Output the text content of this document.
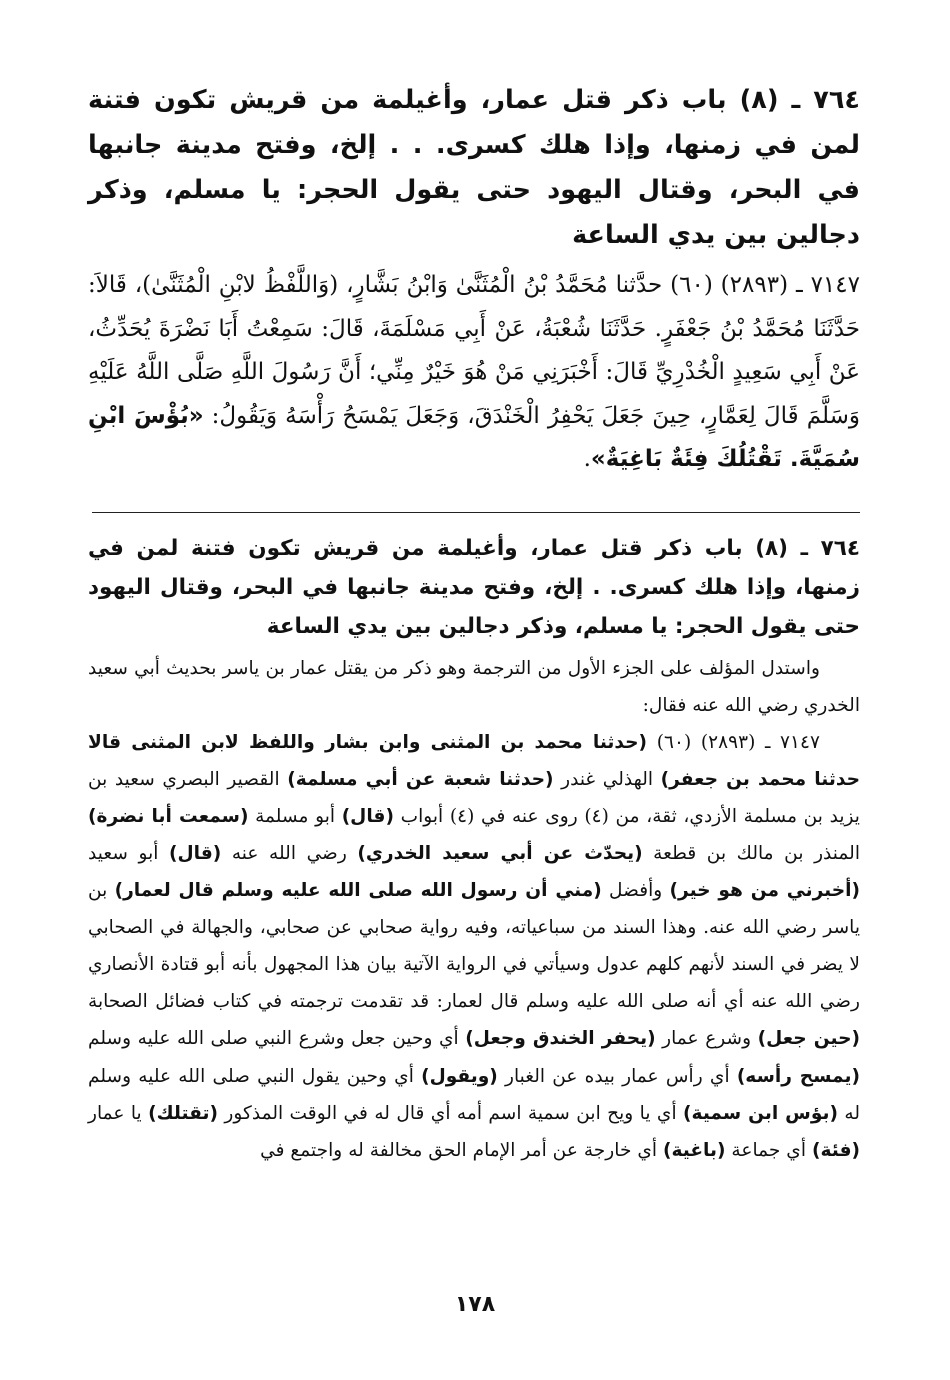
٧٦٤ ـ (٨) باب ذكر قتل عمار، وأغيلمة من قريش تكون فتنة لمن في زمنها، وإذا هلك كسرى. . . إلخ، وفتح مدينة جانبها في البحر، وقتال اليهود حتى يقول الحجر: يا مسلم، وذكر دجالين بين يدي الساعة

٧١٤٧ ـ (٢٨٩٣) (٦٠) حدَّثنا مُحَمَّدُ بْنُ الْمُثَنَّىٰ وَابْنُ بَشَّارٍ، (وَاللَّفْظُ لابْنِ الْمُثَنَّىٰ)، قَالاَ: حَدَّثَنَا مُحَمَّدُ بْنُ جَعْفَرٍ. حَدَّثَنَا شُعْبَةُ، عَنْ أَبِي مَسْلَمَةَ، قَالَ: سَمِعْتُ أَبَا نَضْرَةَ يُحَدِّثُ، عَنْ أَبِي سَعِيدٍ الْخُدْرِيِّ قَالَ: أَخْبَرَنِي مَنْ هُوَ خَيْرٌ مِنِّي؛ أَنَّ رَسُولَ اللَّهِ صَلَّى اللَّهُ عَلَيْهِ وَسَلَّمَ قَالَ لِعَمَّارٍ، حِينَ جَعَلَ يَحْفِرُ الْخَنْدَقَ، وَجَعَلَ يَمْسَحُ رَأْسَهُ وَيَقُولُ: «بُؤْسَ ابْنِ سُمَيَّةَ. تَقْتُلُكَ فِئَةٌ بَاغِيَةٌ».

٧٦٤ ـ (٨) باب ذكر قتل عمار، وأغيلمة من قريش تكون فتنة لمن في زمنها، وإذا هلك كسرى. . إلخ، وفتح مدينة جانبها في البحر، وقتال اليهود حتى يقول الحجر: يا مسلم، وذكر دجالين بين يدي الساعة

واستدل المؤلف على الجزء الأول من الترجمة وهو ذكر من يقتل عمار بن ياسر بحديث أبي سعيد الخدري رضي الله عنه فقال:

٧١٤٧ ـ (٢٨٩٣) (٦٠) (حدثنا محمد بن المثنى وابن بشار واللفظ لابن المثنى قالا حدثنا محمد بن جعفر) الهذلي غندر (حدثنا شعبة عن أبي مسلمة) القصير البصري سعيد بن يزيد بن مسلمة الأزدي، ثقة، من (٤) روى عنه في (٤) أبواب (قال) أبو مسلمة (سمعت أبا نضرة) المنذر بن مالك بن قطعة (يحدّث عن أبي سعيد الخدري) رضي الله عنه (قال) أبو سعيد (أخبرني من هو خير) وأفضل (مني أن رسول الله صلى الله عليه وسلم قال لعمار) بن ياسر رضي الله عنه. وهذا السند من سباعياته، وفيه رواية صحابي عن صحابي، والجهالة في الصحابي لا يضر في السند لأنهم كلهم عدول وسيأتي في الرواية الآتية بيان هذا المجهول بأنه أبو قتادة الأنصاري رضي الله عنه أي أنه صلى الله عليه وسلم قال لعمار: قد تقدمت ترجمته في كتاب فضائل الصحابة (حين جعل) وشرع عمار (يحفر الخندق وجعل) أي وحين جعل وشرع النبي صلى الله عليه وسلم (يمسح رأسه) أي رأس عمار بيده عن الغبار (ويقول) أي وحين يقول النبي صلى الله عليه وسلم له (بؤس ابن سمية) أي يا ويح ابن سمية اسم أمه أي قال له في الوقت المذكور (تقتلك) يا عمار (فئة) أي جماعة (باغية) أي خارجة عن أمر الإمام الحق مخالفة له واجتمع في

١٧٨
